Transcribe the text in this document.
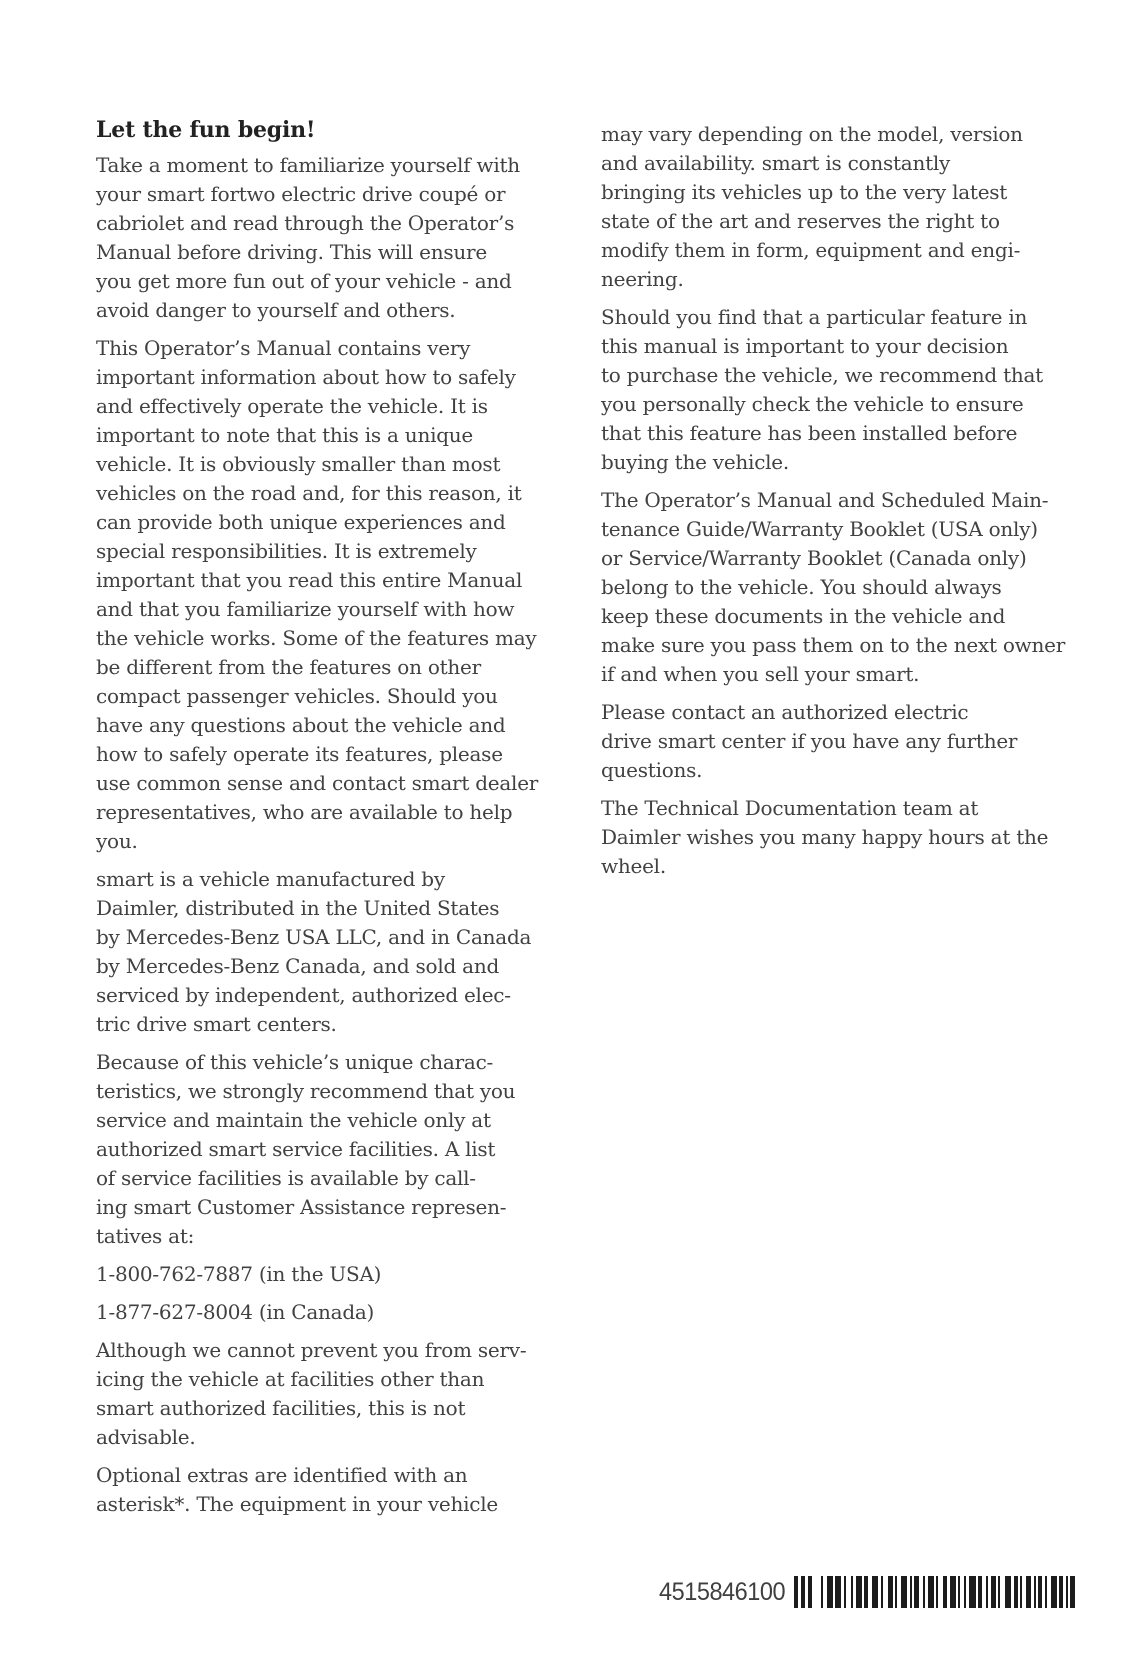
Let the fun begin!
Take a moment to familiarize yourself with
your smart fortwo electric drive coupé or
cabriolet and read through the Operator’s
Manual before driving. This will ensure
you get more fun out of your vehicle - and
avoid danger to yourself and others.
This Operator’s Manual contains very
important information about how to safely
and effectively operate the vehicle. It is
important to note that this is a unique
vehicle. It is obviously smaller than most
vehicles on the road and, for this reason, it
can provide both unique experiences and
special responsibilities. It is extremely
important that you read this entire Manual
and that you familiarize yourself with how
the vehicle works. Some of the features may
be different from the features on other
compact passenger vehicles. Should you
have any questions about the vehicle and
how to safely operate its features, please
use common sense and contact smart dealer
representatives, who are available to help
you.
smart is a vehicle manufactured by
Daimler, distributed in the United States
by Mercedes-Benz USA LLC, and in Canada
by Mercedes-Benz Canada, and sold and
serviced by independent, authorized elec-
tric drive smart centers.
Because of this vehicle’s unique charac-
teristics, we strongly recommend that you
service and maintain the vehicle only at
authorized smart service facilities. A list
of service facilities is available by call-
ing smart Customer Assistance represen-
tatives at:
1-800-762-7887 (in the USA)
1-877-627-8004 (in Canada)
Although we cannot prevent you from serv-
icing the vehicle at facilities other than
smart authorized facilities, this is not
advisable.
Optional extras are identified with an
asterisk*. The equipment in your vehicle
may vary depending on the model, version
and availability. smart is constantly
bringing its vehicles up to the very latest
state of the art and reserves the right to
modify them in form, equipment and engi-
neering.
Should you find that a particular feature in
this manual is important to your decision
to purchase the vehicle, we recommend that
you personally check the vehicle to ensure
that this feature has been installed before
buying the vehicle.
The Operator’s Manual and Scheduled Main-
tenance Guide/Warranty Booklet (USA only)
or Service/Warranty Booklet (Canada only)
belong to the vehicle. You should always
keep these documents in the vehicle and
make sure you pass them on to the next owner
if and when you sell your smart.
Please contact an authorized electric
drive smart center if you have any further
questions.
The Technical Documentation team at
Daimler wishes you many happy hours at the
wheel.
4515846100
